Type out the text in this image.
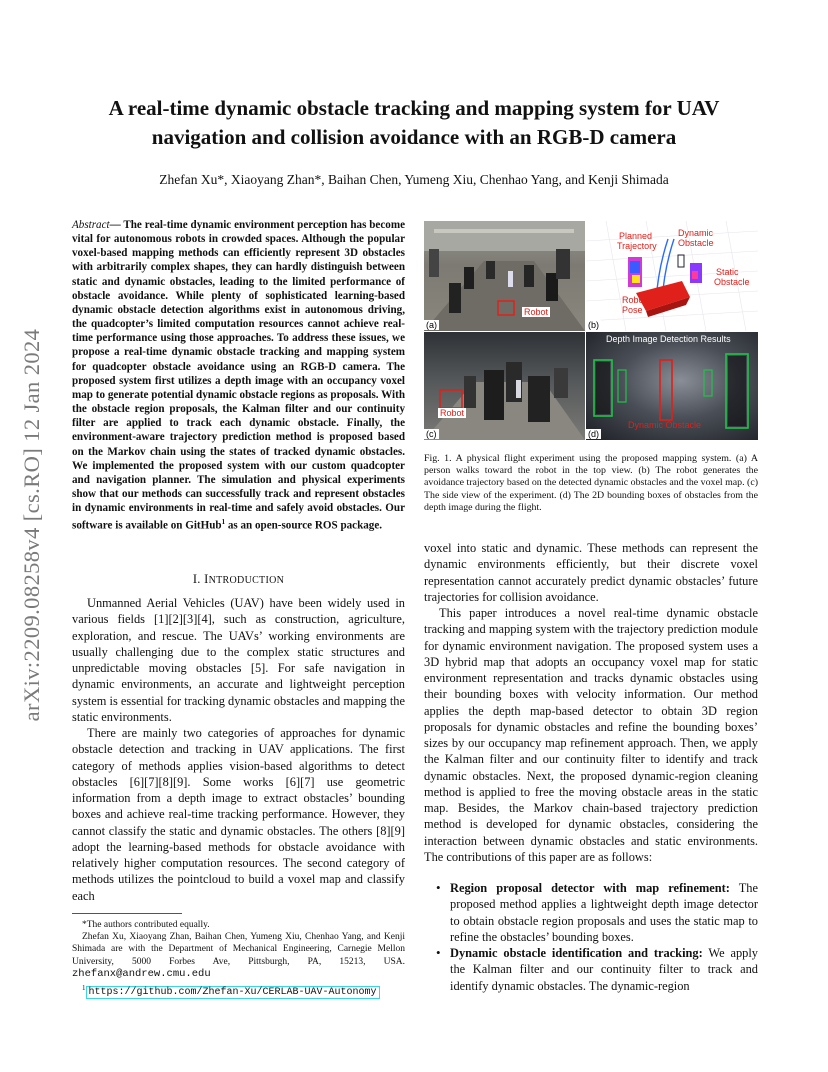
arXiv:2209.08258v4 [cs.RO] 12 Jan 2024
A real-time dynamic obstacle tracking and mapping system for UAV navigation and collision avoidance with an RGB-D camera
Zhefan Xu*, Xiaoyang Zhan*, Baihan Chen, Yumeng Xiu, Chenhao Yang, and Kenji Shimada
Abstract— The real-time dynamic environment perception has become vital for autonomous robots in crowded spaces. Although the popular voxel-based mapping methods can efficiently represent 3D obstacles with arbitrarily complex shapes, they can hardly distinguish between static and dynamic obstacles, leading to the limited performance of obstacle avoidance. While plenty of sophisticated learning-based dynamic obstacle detection algorithms exist in autonomous driving, the quadcopter’s limited computation resources cannot achieve real-time performance using those approaches. To address these issues, we propose a real-time dynamic obstacle tracking and mapping system for quadcopter obstacle avoidance using an RGB-D camera. The proposed system first utilizes a depth image with an occupancy voxel map to generate potential dynamic obstacle regions as proposals. With the obstacle region proposals, the Kalman filter and our continuity filter are applied to track each dynamic obstacle. Finally, the environment-aware trajectory prediction method is proposed based on the Markov chain using the states of tracked dynamic obstacles. We implemented the proposed system with our custom quadcopter and navigation planner. The simulation and physical experiments show that our methods can successfully track and represent obstacles in dynamic environments in real-time and safely avoid obstacles. Our software is available on GitHub$^1$ as an open-source ROS package.
I. INTRODUCTION

Unmanned Aerial Vehicles (UAV) have been widely used in various fields [1][2][3][4], such as construction, agriculture, exploration, and rescue. The UAVs’ working environments are usually challenging due to the complex static structures and unpredictable moving obstacles [5]. For safe navigation in dynamic environments, an accurate and lightweight perception system is essential for tracking dynamic obstacles and mapping the static environments.

There are mainly two categories of approaches for dynamic obstacle detection and tracking in UAV applications. The first category of methods applies vision-based algorithms to detect obstacles [6][7][8][9]. Some works [6][7] use geometric information from a depth image to extract obstacles’ bounding boxes and achieve real-time tracking performance. However, they cannot classify the static and dynamic obstacles. The others [8][9] adopt the learning-based methods for obstacle avoidance with relatively higher computation resources. The second category of methods utilizes the pointcloud to build a voxel map and classify each

*The authors contributed equally.
Zhefan Xu, Xiaoyang Zhan, Baihan Chen, Yumeng Xiu, Chenhao Yang, and Kenji Shimada are with the Department of Mechanical Engineering, Carnegie Mellon University, 5000 Forbes Ave, Pittsburgh, PA, 15213, USA. zhefanx@andrew.cmu.edu
$^1$ https://github.com/Zhefan-Xu/CERLAB-UAV-Autonomy
(a)
Robot
(b)
Planned
Trajectory
Dynamic
Obstacle
Static
Obstacle
Robot
Pose
(c)
Robot
Depth Image Detection Results
(d)
Dynamic Obstacle
Fig. 1. A physical flight experiment using the proposed mapping system. (a) A person walks toward the robot in the top view. (b) The robot generates the avoidance trajectory based on the detected dynamic obstacles and the voxel map. (c) The side view of the experiment. (d) The 2D bounding boxes of obstacles from the depth image during the flight.

voxel into static and dynamic. These methods can represent the dynamic environments efficiently, but their discrete voxel representation cannot accurately predict dynamic obstacles’ future trajectories for collision avoidance.

This paper introduces a novel real-time dynamic obstacle tracking and mapping system with the trajectory prediction module for dynamic environment navigation. The proposed system uses a 3D hybrid map that adopts an occupancy voxel map for static environment representation and tracks dynamic obstacles using their bounding boxes with velocity information. Our method applies the depth map-based detector to obtain 3D region proposals for dynamic obstacles and refine the bounding boxes’ sizes by our occupancy map refinement approach. Then, we apply the Kalman filter and our continuity filter to identify and track dynamic obstacles. Next, the proposed dynamic-region cleaning method is applied to free the moving obstacle areas in the static map. Besides, the Markov chain-based trajectory prediction method is developed for dynamic obstacles, considering the interaction between dynamic obstacles and static environments. The contributions of this paper are as follows:

• Region proposal detector with map refinement: The proposed method applies a lightweight depth image detector to obtain obstacle region proposals and uses the static map to refine the obstacles’ bounding boxes.

• Dynamic obstacle identification and tracking: We apply the Kalman filter and our continuity filter to track and identify dynamic obstacles. The dynamic-region
